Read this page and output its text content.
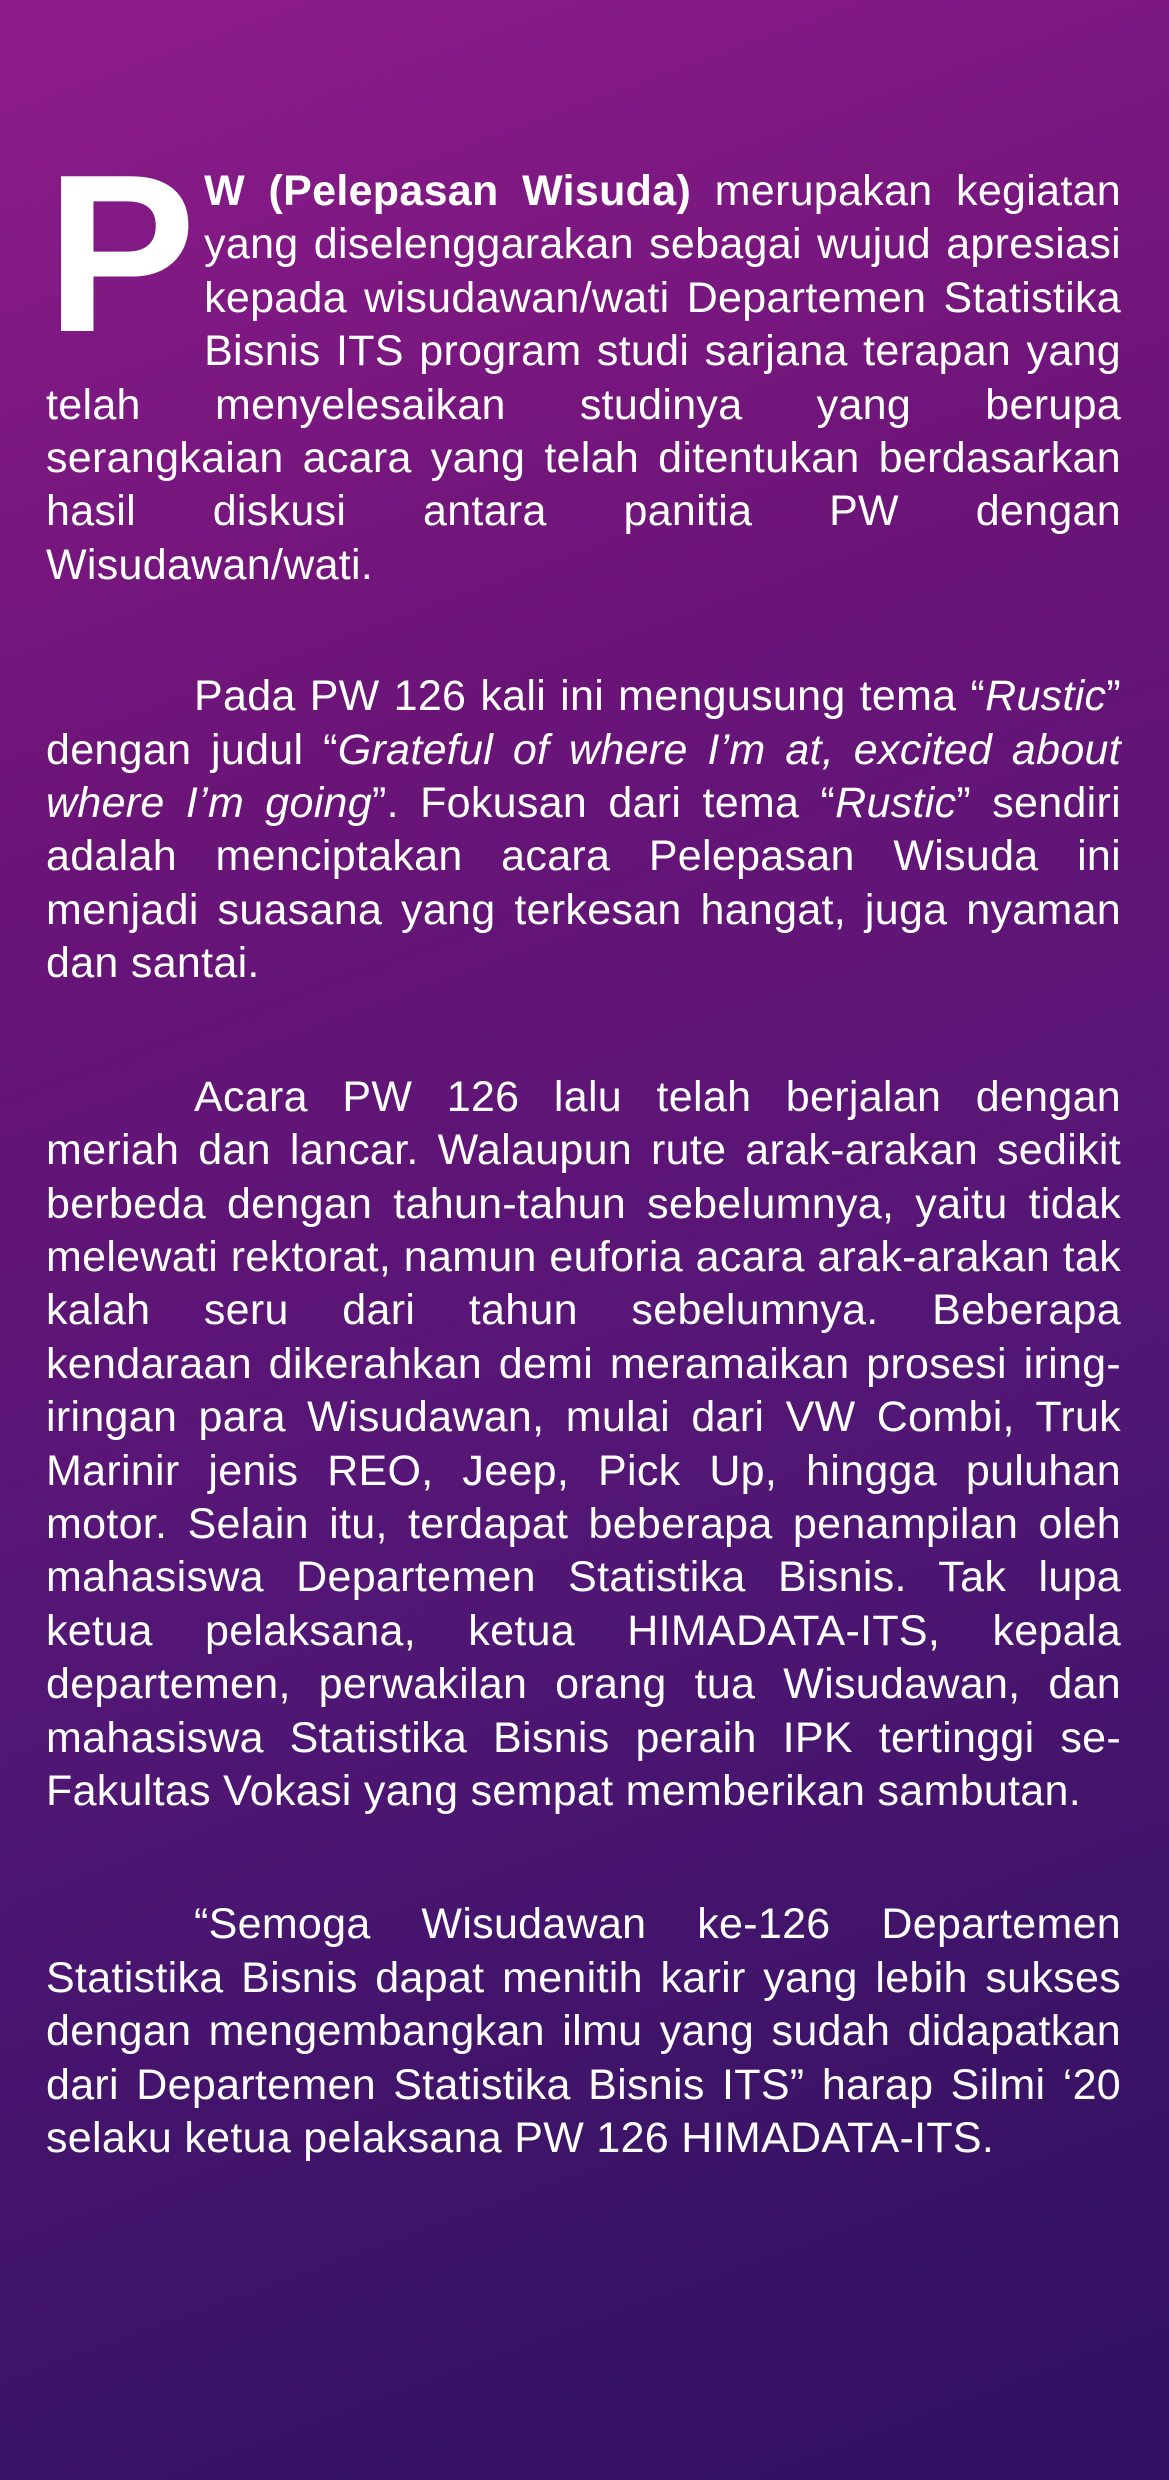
P W (Pelepasan Wisuda) merupakan kegiatan yang diselenggarakan sebagai wujud apresiasi kepada wisudawan/wati Departemen Statistika Bisnis ITS program studi sarjana terapan yang telah menyelesaikan studinya yang berupa serangkaian acara yang telah ditentukan berdasarkan hasil diskusi antara panitia PW dengan Wisudawan/wati.

Pada PW 126 kali ini mengusung tema “Rustic” dengan judul “Grateful of where I’m at, excited about where I’m going”. Fokusan dari tema “Rustic” sendiri adalah menciptakan acara Pelepasan Wisuda ini menjadi suasana yang terkesan hangat, juga nyaman dan santai.

Acara PW 126 lalu telah berjalan dengan meriah dan lancar. Walaupun rute arak-arakan sedikit berbeda dengan tahun-tahun sebelumnya, yaitu tidak melewati rektorat, namun euforia acara arak-arakan tak kalah seru dari tahun sebelumnya. Beberapa kendaraan dikerahkan demi meramaikan prosesi iring-iringan para Wisudawan, mulai dari VW Combi, Truk Marinir jenis REO, Jeep, Pick Up, hingga puluhan motor. Selain itu, terdapat beberapa penampilan oleh mahasiswa Departemen Statistika Bisnis. Tak lupa ketua pelaksana, ketua HIMADATA-ITS, kepala departemen, perwakilan orang tua Wisudawan, dan mahasiswa Statistika Bisnis peraih IPK tertinggi se-Fakultas Vokasi yang sempat memberikan sambutan.

“Semoga Wisudawan ke-126 Departemen Statistika Bisnis dapat menitih karir yang lebih sukses dengan mengembangkan ilmu yang sudah didapatkan dari Departemen Statistika Bisnis ITS” harap Silmi ‘20 selaku ketua pelaksana PW 126 HIMADATA-ITS.
